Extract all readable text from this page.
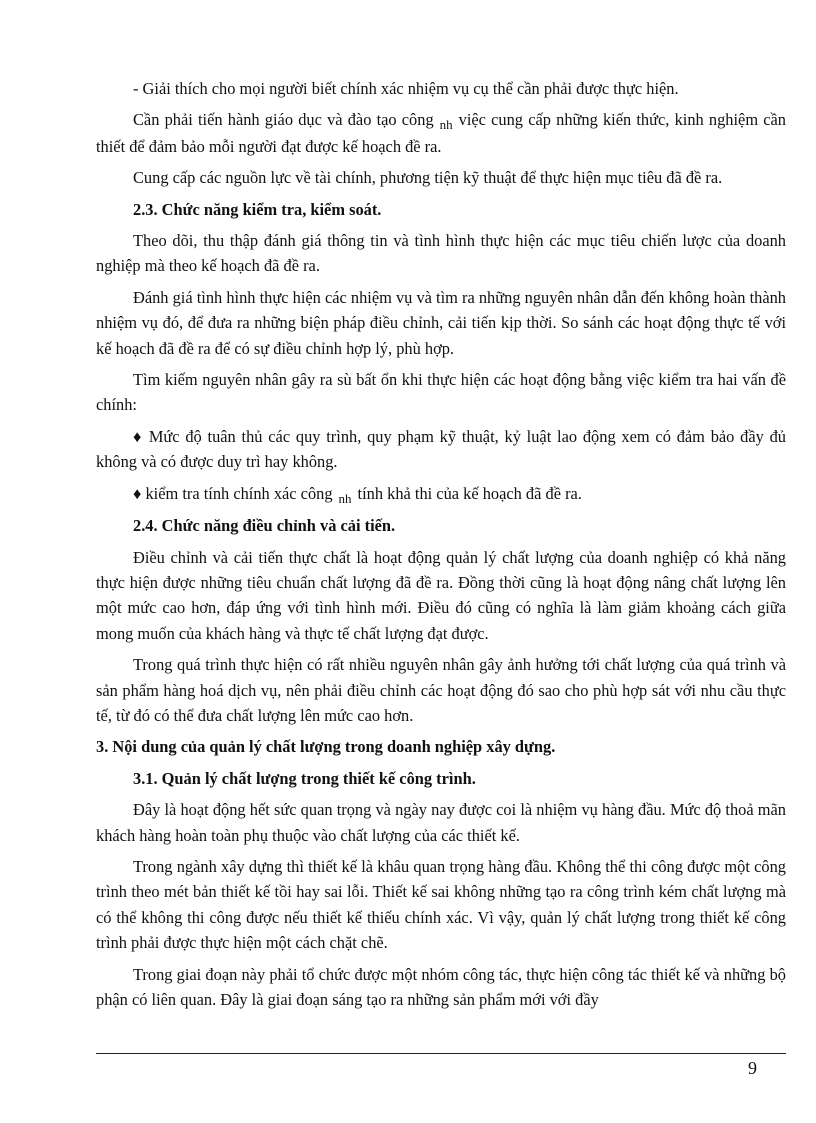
- Giải thích cho mọi người biết chính xác nhiệm vụ cụ thể cần phải được thực hiện.

Cần phải tiến hành giáo dục và đào tạo công $_{nh}$ việc cung cấp những kiến thức, kinh nghiệm cần thiết để đảm bảo mỗi người đạt được kế hoạch đề ra.

Cung cấp các nguồn lực về tài chính, phương tiện kỹ thuật để thực hiện mục tiêu đã đề ra.

2.3. Chức năng kiểm tra, kiểm soát.

Theo dõi, thu thập đánh giá thông tin và tình hình thực hiện các mục tiêu chiến lược của doanh nghiệp mà theo kế hoạch đã đề ra.

Đánh giá tình hình thực hiện các nhiệm vụ và tìm ra những nguyên nhân dẫn đến không hoàn thành nhiệm vụ đó, để đưa ra những biện pháp điều chỉnh, cải tiến kịp thời. So sánh các hoạt động thực tế với kế hoạch đã đề ra để có sự điều chỉnh hợp lý, phù hợp.

Tìm kiếm nguyên nhân gây ra sù bất ổn khi thực hiện các hoạt động bằng việc kiểm tra hai vấn đề chính:

♦ Mức độ tuân thủ các quy trình, quy phạm kỹ thuật, kỷ luật lao động xem có đảm bảo đầy đủ không và có được duy trì hay không.

♦ kiểm tra tính chính xác công $_{nh}$ tính khả thi của kế hoạch đã đề ra.

2.4. Chức năng điều chỉnh và cải tiến.

Điều chỉnh và cải tiến thực chất là hoạt động quản lý chất lượng của doanh nghiệp có khả năng thực hiện được những tiêu chuẩn chất lượng đã đề ra. Đồng thời cũng là hoạt động nâng chất lượng lên một mức cao hơn, đáp ứng với tình hình mới. Điều đó cũng có nghĩa là làm giảm khoảng cách giữa mong muốn của khách hàng và thực tế chất lượng đạt được.

Trong quá trình thực hiện có rất nhiều nguyên nhân gây ảnh hưởng tới chất lượng của quá trình và sản phẩm hàng hoá dịch vụ, nên phải điều chỉnh các hoạt động đó sao cho phù hợp sát với nhu cầu thực tế, từ đó có thể đưa chất lượng lên mức cao hơn.

3. Nội dung của quản lý chất lượng trong doanh nghiệp xây dựng.

3.1. Quản lý chất lượng trong thiết kế công trình.

Đây là hoạt động hết sức quan trọng và ngày nay được coi là nhiệm vụ hàng đầu. Mức độ thoả mãn khách hàng hoàn toàn phụ thuộc vào chất lượng của các thiết kế.

Trong ngành xây dựng thì thiết kế là khâu quan trọng hàng đầu. Không thể thi công được một công trình theo mét bản thiết kế tồi hay sai lỗi. Thiết kế sai không những tạo ra công trình kém chất lượng mà có thể không thi công được nếu thiết kế thiếu chính xác. Vì vậy, quản lý chất lượng trong thiết kế công trình phải được thực hiện một cách chặt chẽ.

Trong giai đoạn này phải tổ chức được một nhóm công tác, thực hiện công tác thiết kế và những bộ phận có liên quan. Đây là giai đoạn sáng tạo ra những sản phẩm mới với đầy

9
